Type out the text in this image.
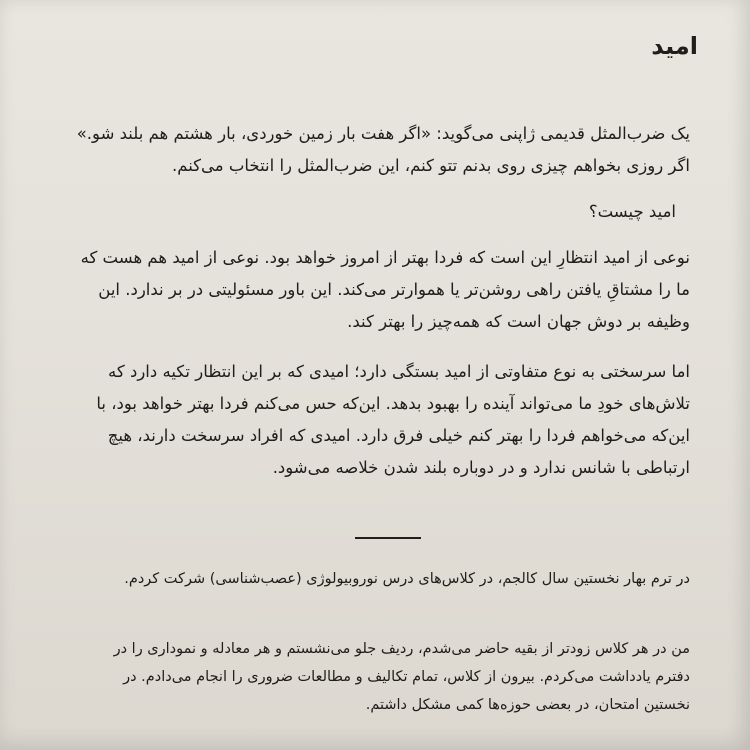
امید
یک ضرب‌المثل قدیمی ژاپنی می‌گوید: «اگر هفت بار زمین خوردی، بار هشتم هم بلند شو.» اگر روزی بخواهم چیزی روی بدنم تتو کنم، این ضرب‌المثل را انتخاب می‌کنم.
امید چیست؟
نوعی از امید انتظارِ این است که فردا بهتر از امروز خواهد بود. نوعی از امید هم هست که ما را مشتاقِ یافتن راهی روشن‌تر یا هموارتر می‌کند. این باور مسئولیتی در بر ندارد. این وظیفه بر دوش جهان است که همه‌چیز را بهتر کند.
اما سرسختی به نوع متفاوتی از امید بستگی دارد؛ امیدی که بر این انتظار تکیه دارد که تلاش‌های خودِ ما می‌تواند آینده را بهبود بدهد. این‌که حس می‌کنم فردا بهتر خواهد بود، با این‌که می‌خواهم فردا را بهتر کنم خیلی فرق دارد. امیدی که افراد سرسخت دارند، هیچ ارتباطی با شانس ندارد و در دوباره بلند شدن خلاصه می‌شود.
در ترم بهار نخستین سال کالجم، در کلاس‌های درس نوروبیولوژی (عصب‌شناسی) شرکت کردم.
من در هر کلاس زودتر از بقیه حاضر می‌شدم، ردیف جلو می‌نشستم و هر معادله و نموداری را در دفترم یادداشت می‌کردم. بیرون از کلاس، تمام تکالیف و مطالعات ضروری را انجام می‌دادم. در نخستین امتحان، در بعضی حوزه‌ها کمی مشکل داشتم.
